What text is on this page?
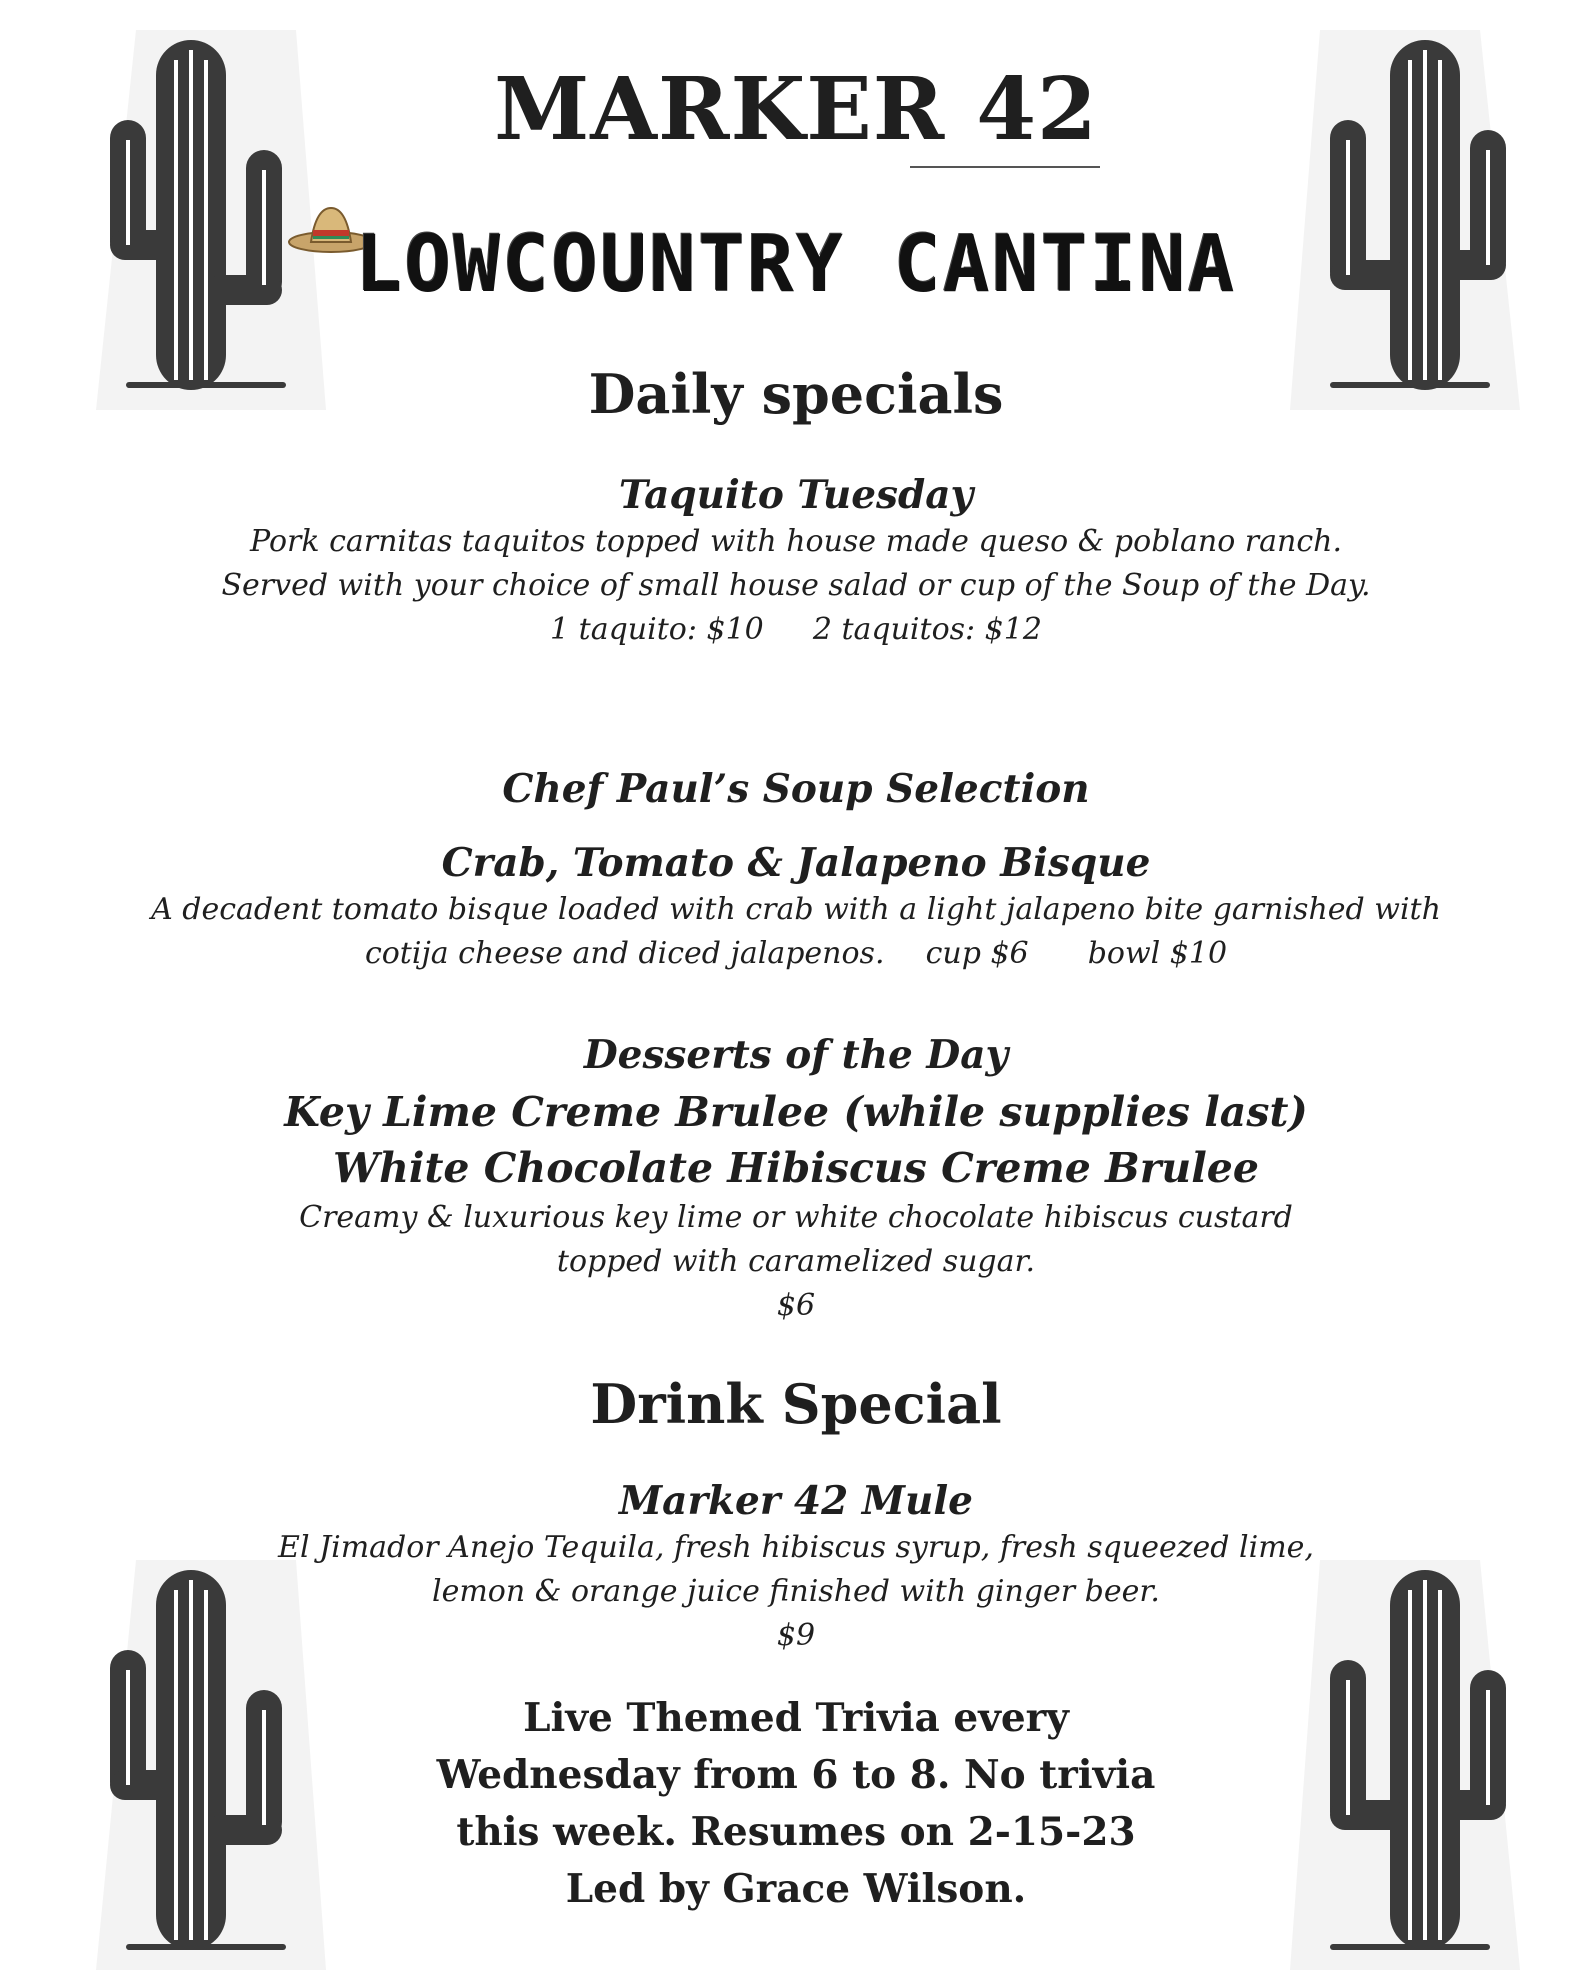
MARKER 42
LOWCOUNTRY CANTINA
Daily specials
Taquito Tuesday
Pork carnitas taquitos topped with house made queso & poblano ranch.
Served with your choice of small house salad or cup of the Soup of the Day.
1 taquito: $10 2 taquitos: $12
Chef Paul’s Soup Selection
Crab, Tomato & Jalapeno Bisque
A decadent tomato bisque loaded with crab with a light jalapeno bite garnished with
cotija cheese and diced jalapenos. cup $6 bowl $10
Desserts of the Day
Key Lime Creme Brulee (while supplies last)
White Chocolate Hibiscus Creme Brulee
Creamy & luxurious key lime or white chocolate hibiscus custard
topped with caramelized sugar.
$6
Drink Special
Marker 42 Mule
El Jimador Anejo Tequila, fresh hibiscus syrup, fresh squeezed lime,
lemon & orange juice finished with ginger beer.
$9
Live Themed Trivia every
Wednesday from 6 to 8. No trivia
this week. Resumes on 2-15-23
Led by Grace Wilson.
